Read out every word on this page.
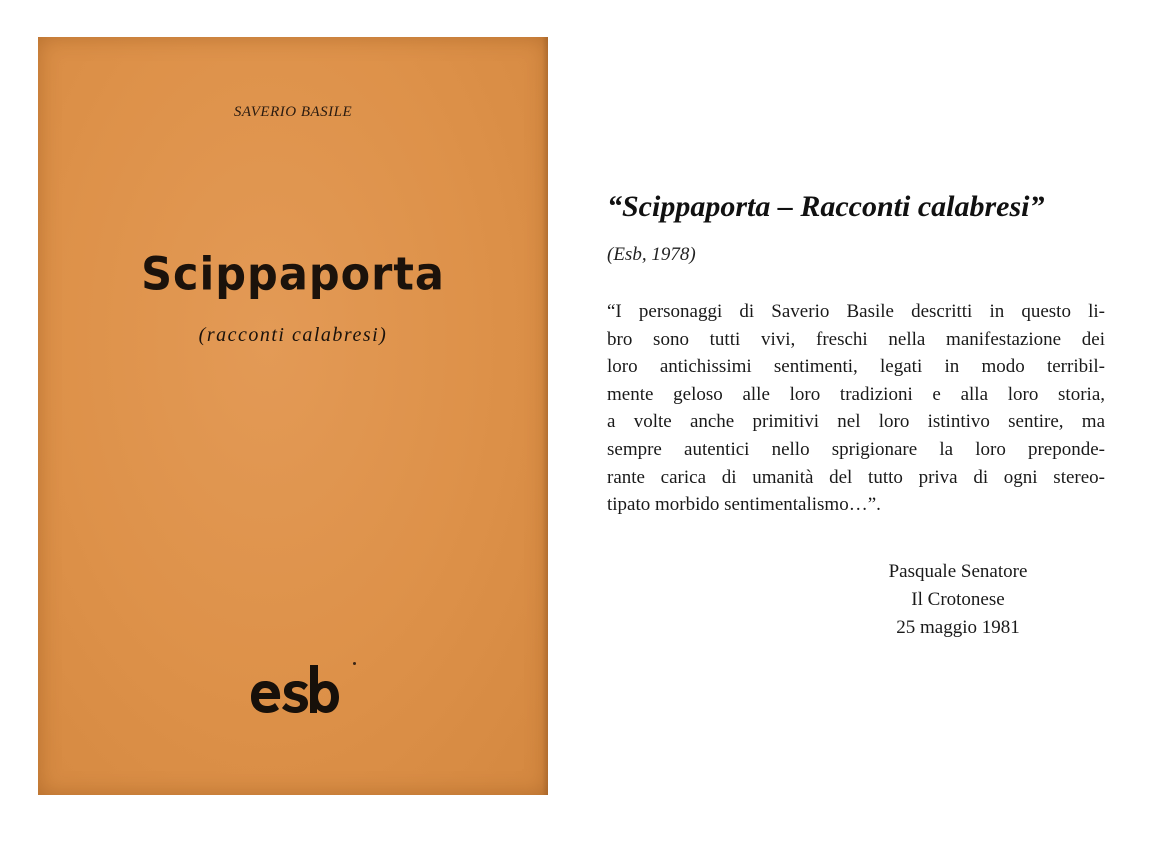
SAVERIO BASILE
Scippaporta
(racconti calabresi)
“Scippaporta – Racconti calabresi”
(Esb, 1978)
“I personaggi di Saverio Basile descritti in questo li-
bro sono tutti vivi, freschi nella manifestazione dei
loro antichissimi sentimenti, legati in modo terribil-
mente geloso alle loro tradizioni e alla loro storia,
a volte anche primitivi nel loro istintivo sentire, ma
sempre autentici nello sprigionare la loro preponde-
rante carica di umanità del tutto priva di ogni stereo-
tipato morbido sentimentalismo…”.
Pasquale Senatore
Il Crotonese
25 maggio 1981
